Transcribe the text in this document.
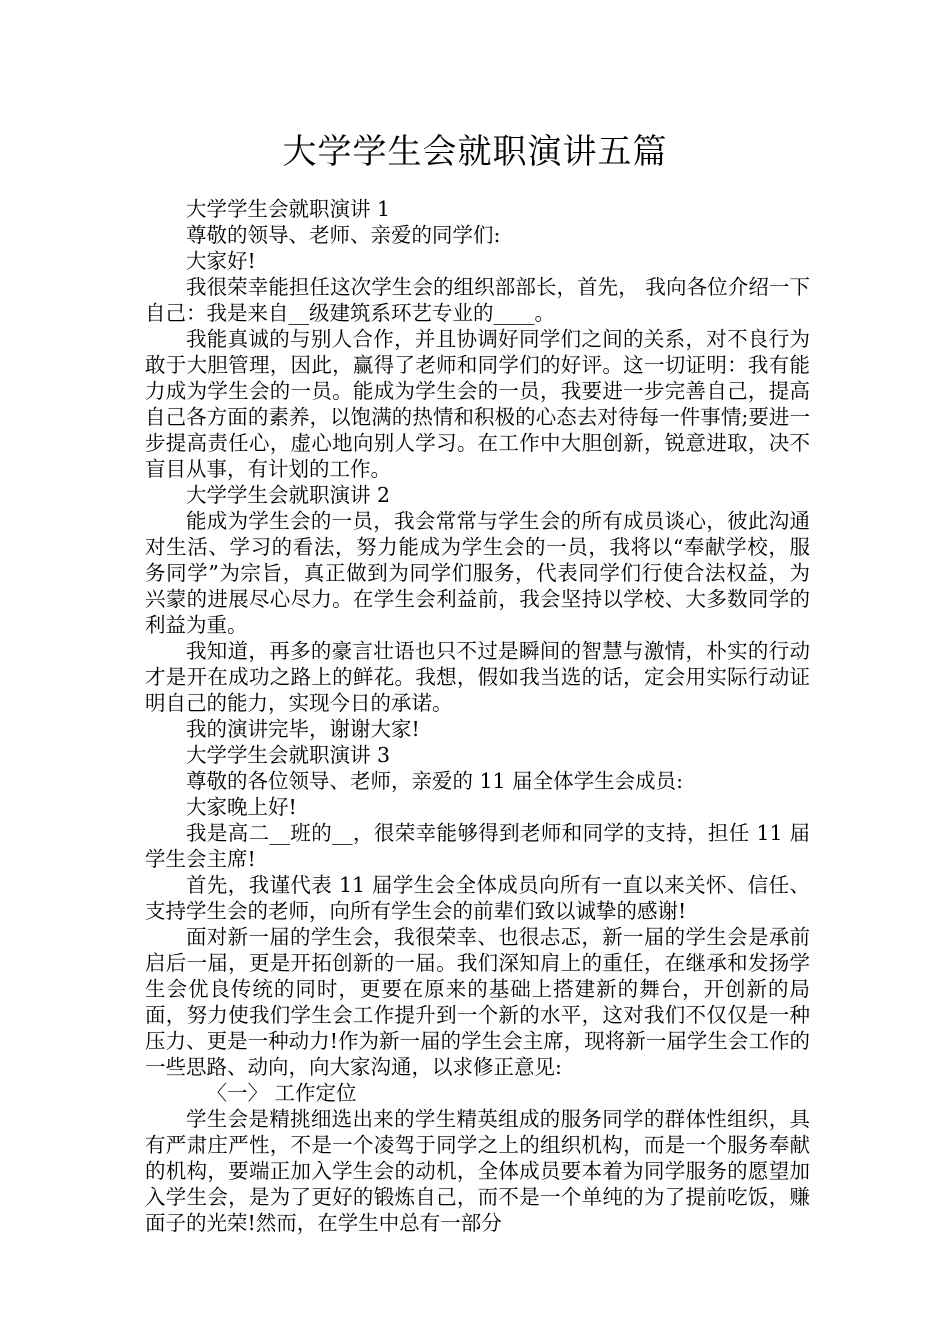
大学学生会就职演讲五篇

大学学生会就职演讲 1

尊敬的领导、老师、亲爱的同学们:

大家好!

我很荣幸能担任这次学生会的组织部部长，首先， 我向各位介绍一下自己：我是来自__级建筑系环艺专业的____。

我能真诚的与别人合作，并且协调好同学们之间的关系，对不良行为敢于大胆管理，因此，赢得了老师和同学们的好评。这一切证明：我有能力成为学生会的一员。能成为学生会的一员，我要进一步完善自己，提高自己各方面的素养，以饱满的热情和积极的心态去对待每一件事情;要进一步提高责任心，虚心地向别人学习。在工作中大胆创新，锐意进取，决不盲目从事，有计划的工作。

大学学生会就职演讲 2

能成为学生会的一员，我会常常与学生会的所有成员谈心，彼此沟通对生活、学习的看法，努力能成为学生会的一员，我将以“奉献学校，服务同学”为宗旨，真正做到为同学们服务，代表同学们行使合法权益，为兴蒙的进展尽心尽力。在学生会利益前，我会坚持以学校、大多数同学的利益为重。

我知道，再多的豪言壮语也只不过是瞬间的智慧与激情，朴实的行动才是开在成功之路上的鲜花。我想，假如我当选的话，定会用实际行动证明自己的能力，实现今日的承诺。

我的演讲完毕，谢谢大家!

大学学生会就职演讲 3

尊敬的各位领导、老师，亲爱的 11 届全体学生会成员:

大家晚上好!

我是高二__班的__，很荣幸能够得到老师和同学的支持，担任 11 届学生会主席!

首先，我谨代表 11 届学生会全体成员向所有一直以来关怀、信任、支持学生会的老师，向所有学生会的前辈们致以诚挚的感谢!

面对新一届的学生会，我很荣幸、也很忐忑，新一届的学生会是承前启后一届，更是开拓创新的一届。我们深知肩上的重任，在继承和发扬学生会优良传统的同时，更要在原来的基础上搭建新的舞台，开创新的局面，努力使我们学生会工作提升到一个新的水平，这对我们不仅仅是一种压力、更是一种动力!作为新一届的学生会主席，现将新一届学生会工作的一些思路、动向，向大家沟通，以求修正意见:

〈一〉 工作定位

学生会是精挑细选出来的学生精英组成的服务同学的群体性组织，具有严肃庄严性，不是一个凌驾于同学之上的组织机构，而是一个服务奉献的机构，要端正加入学生会的动机，全体成员要本着为同学服务的愿望加入学生会，是为了更好的锻炼自己，而不是一个单纯的为了提前吃饭，赚面子的光荣!然而，在学生中总有一部分
